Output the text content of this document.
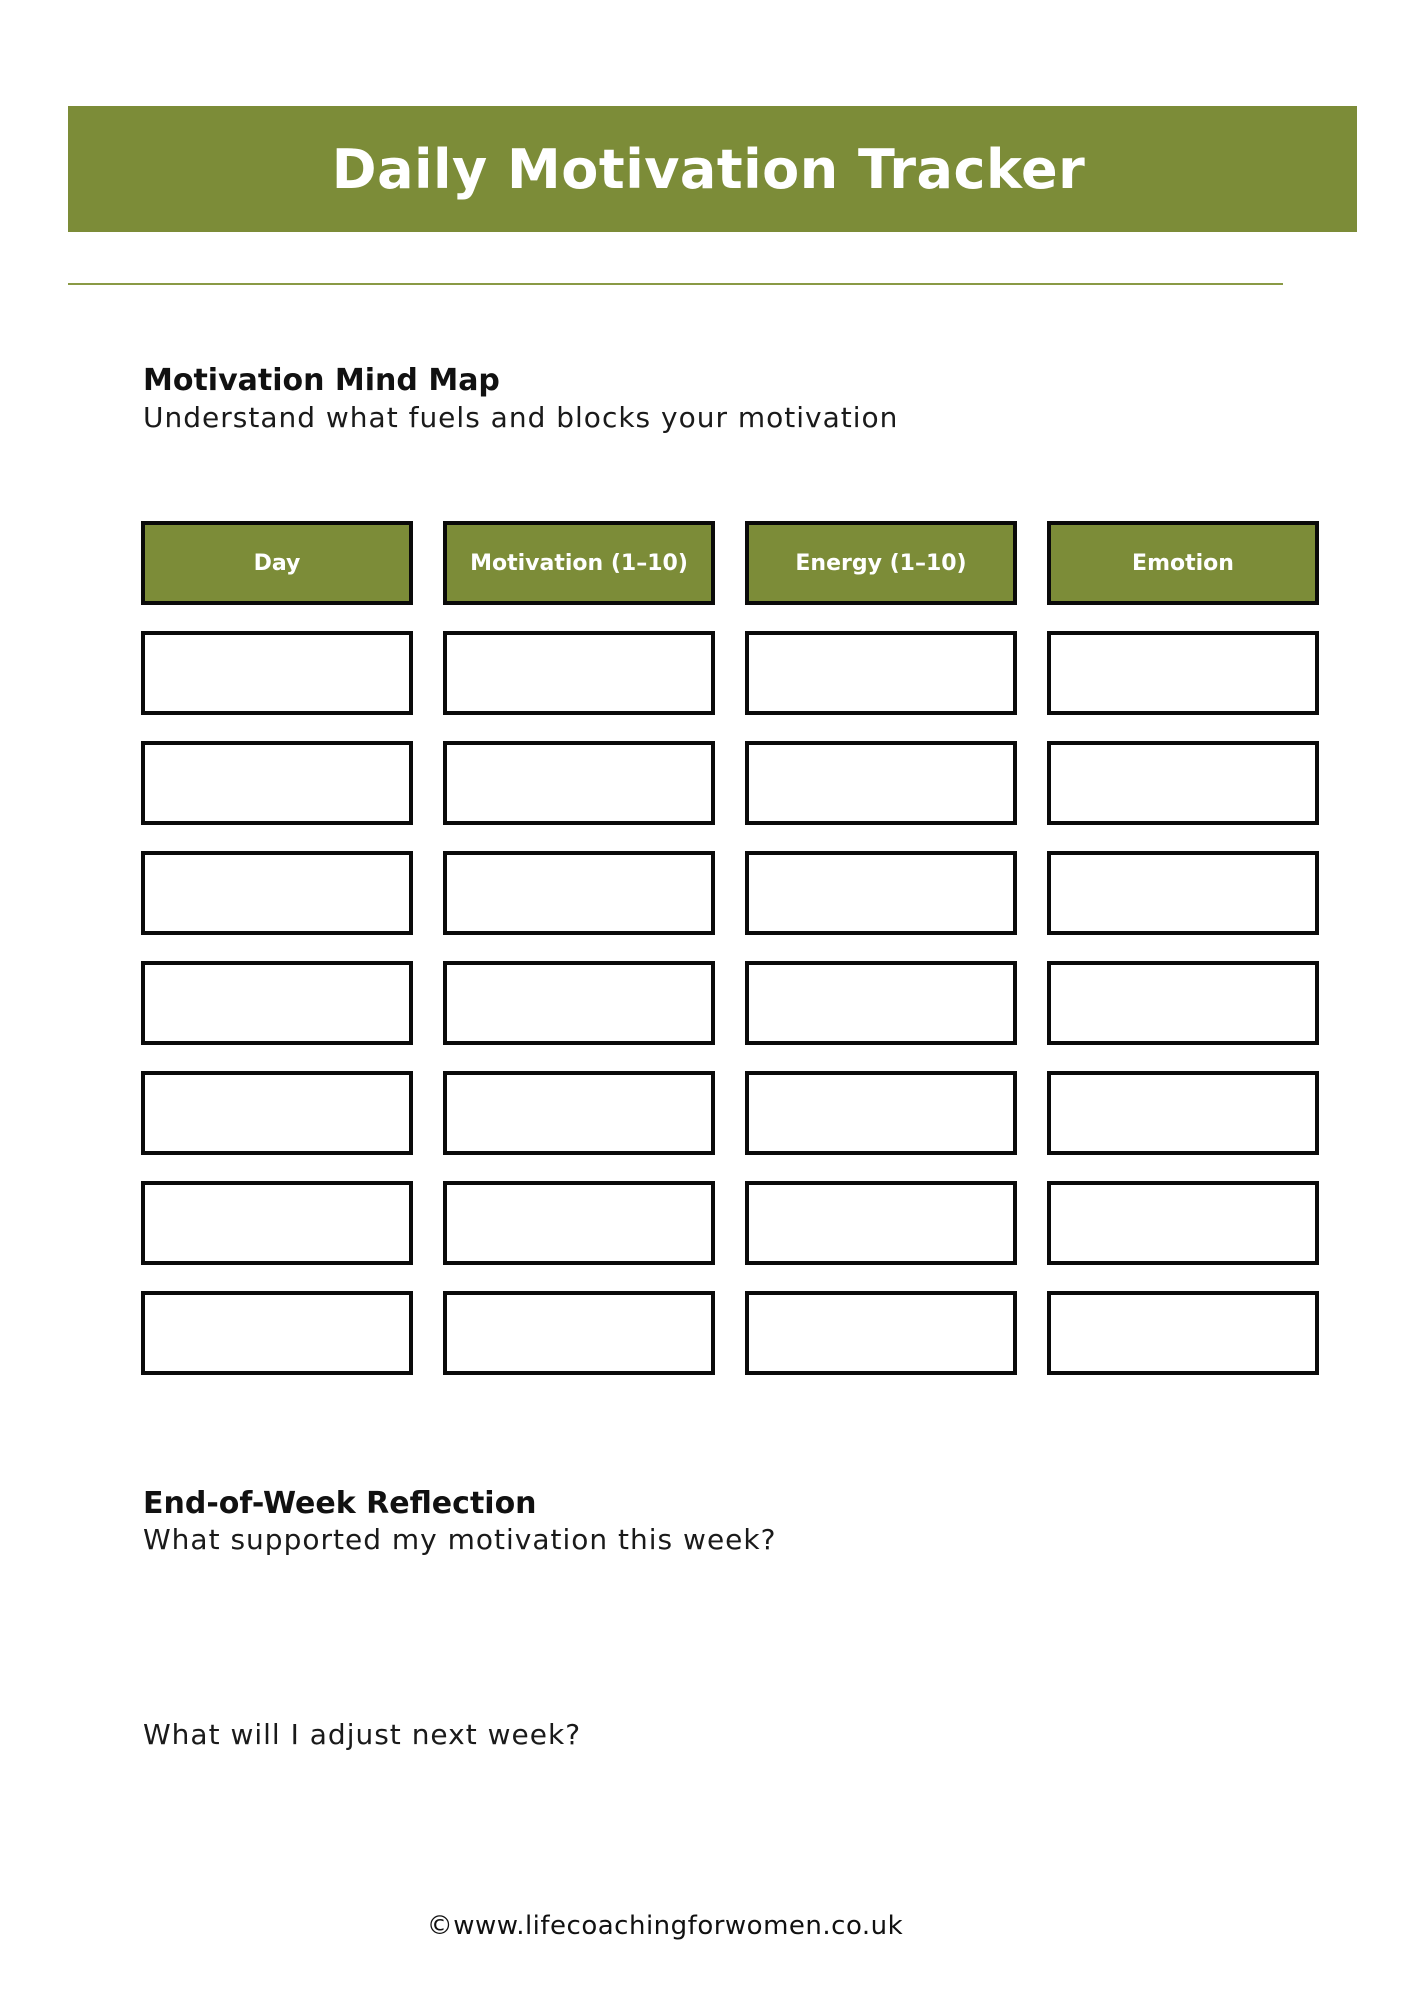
Daily Motivation Tracker
Motivation Mind Map

Understand what fuels and blocks your motivation

Day	Motivation (1–10)	Energy (1–10)	Emotion
End-of-Week Reflection

What supported my motivation this week?

What will I adjust next week?

©www.lifecoachingforwomen.co.uk
